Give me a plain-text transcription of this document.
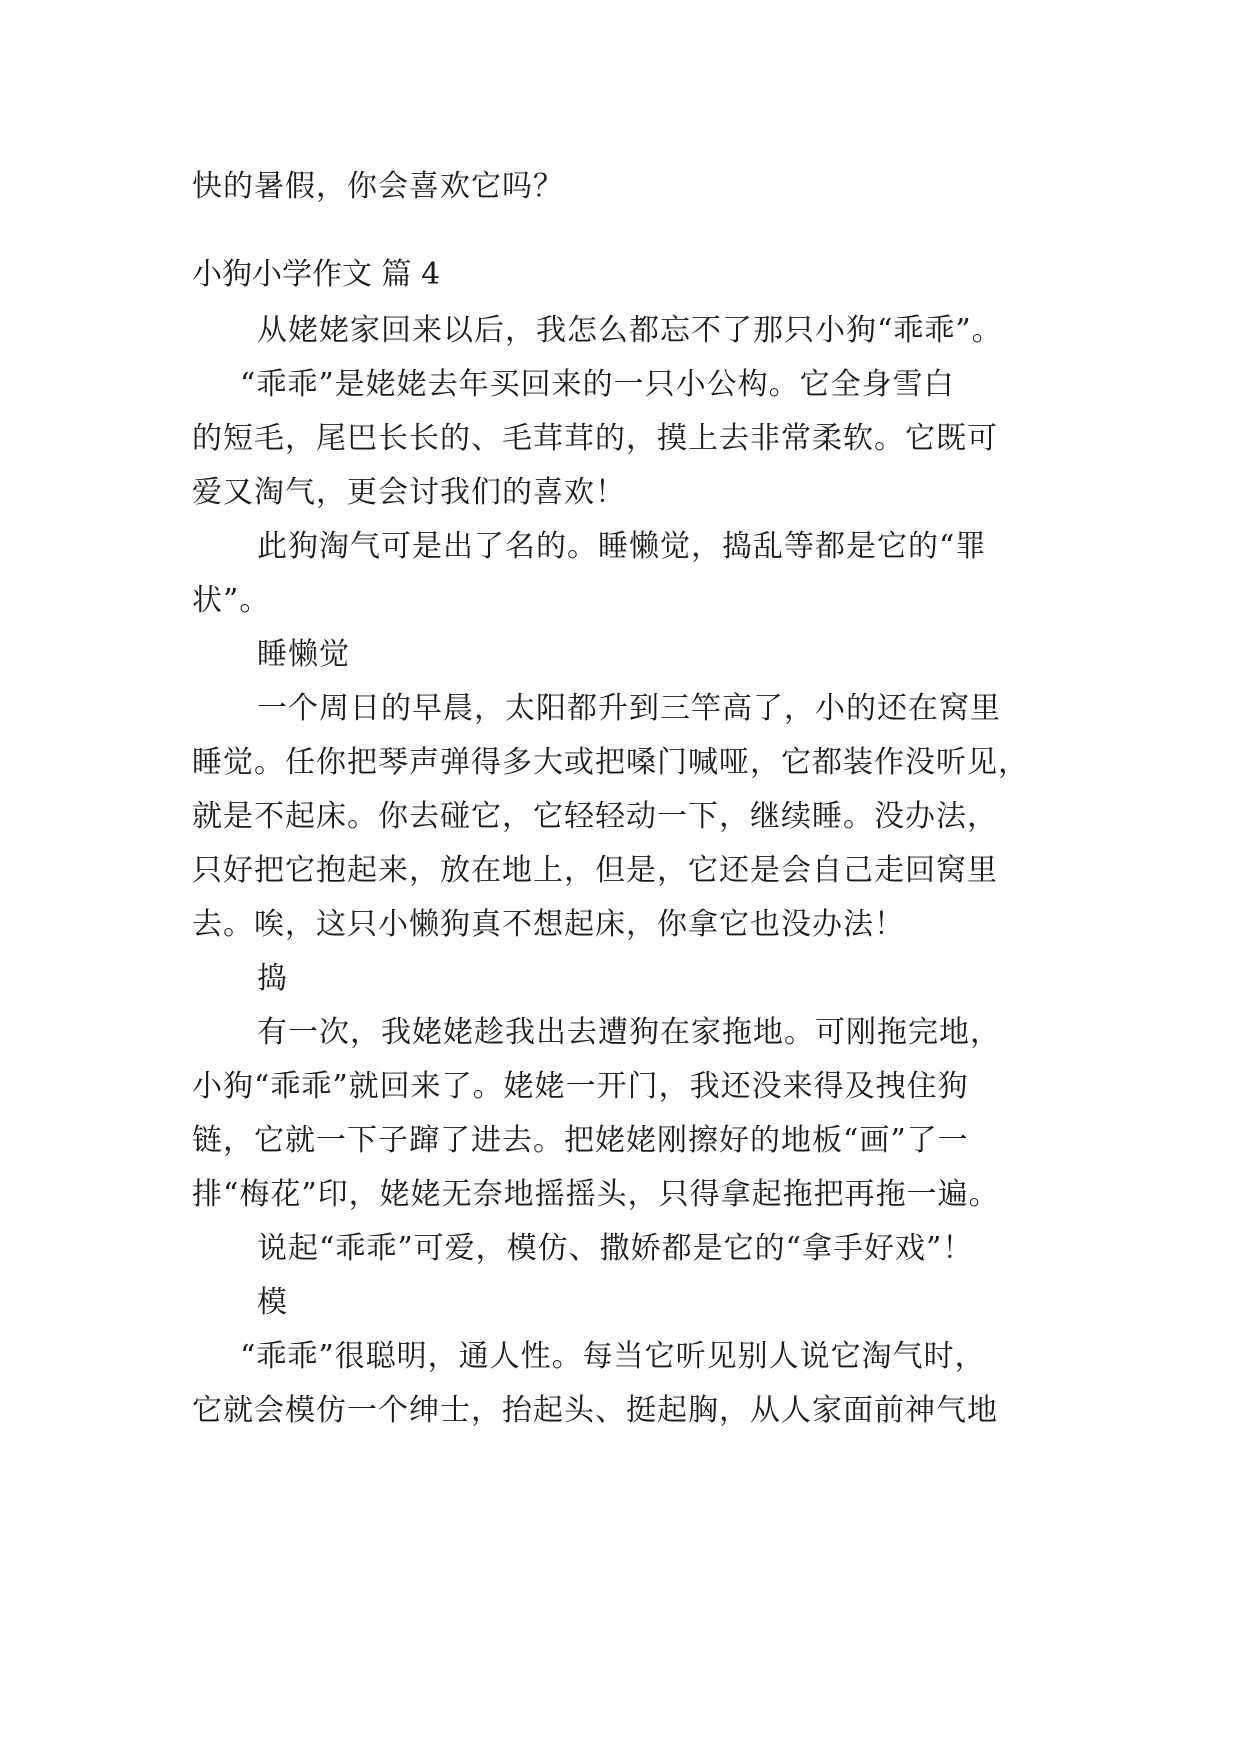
快的暑假，你会喜欢它吗？
小狗小学作文 篇 4
从姥姥家回来以后，我怎么都忘不了那只小狗“乖乖”。
“乖乖”是姥姥去年买回来的一只小公构。它全身雪白
的短毛，尾巴长长的、毛茸茸的，摸上去非常柔软。它既可
爱又淘气，更会讨我们的喜欢！
此狗淘气可是出了名的。睡懒觉，捣乱等都是它的“罪
状”。
睡懒觉
一个周日的早晨，太阳都升到三竿高了，小的还在窝里
睡觉。任你把琴声弹得多大或把嗓门喊哑，它都装作没听见，
就是不起床。你去碰它，它轻轻动一下，继续睡。没办法，
只好把它抱起来，放在地上，但是，它还是会自己走回窝里
去。唉，这只小懒狗真不想起床，你拿它也没办法！
捣
有一次，我姥姥趁我出去遭狗在家拖地。可刚拖完地，
小狗“乖乖”就回来了。姥姥一开门，我还没来得及拽住狗
链，它就一下子蹿了进去。把姥姥刚擦好的地板“画”了一
排“梅花”印，姥姥无奈地摇摇头，只得拿起拖把再拖一遍。
说起“乖乖”可爱，模仿、撒娇都是它的“拿手好戏”！
模
“乖乖”很聪明，通人性。每当它听见别人说它淘气时，
它就会模仿一个绅士，抬起头、挺起胸，从人家面前神气地
